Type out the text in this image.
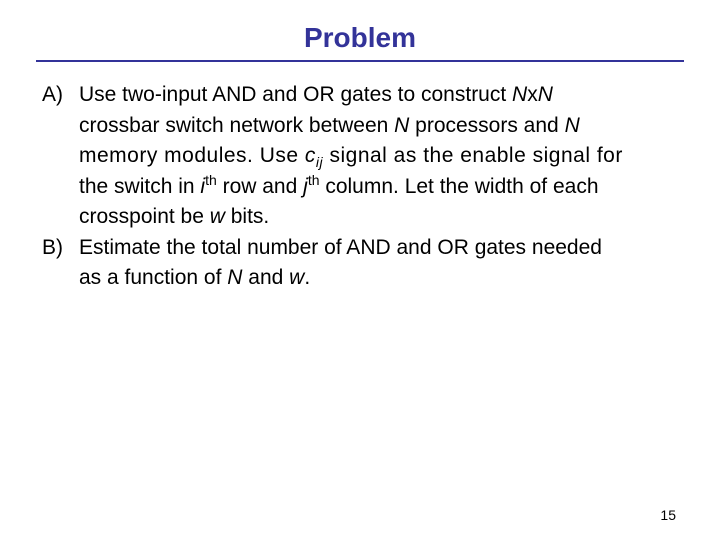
Problem
A) Use two-input AND and OR gates to construct NxN
crossbar switch network between N processors and N
memory modules. Use $c_{ij}$ signal as the enable signal for
the switch in $i^{th}$ row and $j^{th}$ column. Let the width of each
crosspoint be w bits.
B) Estimate the total number of AND and OR gates needed
as a function of N and w.
15
